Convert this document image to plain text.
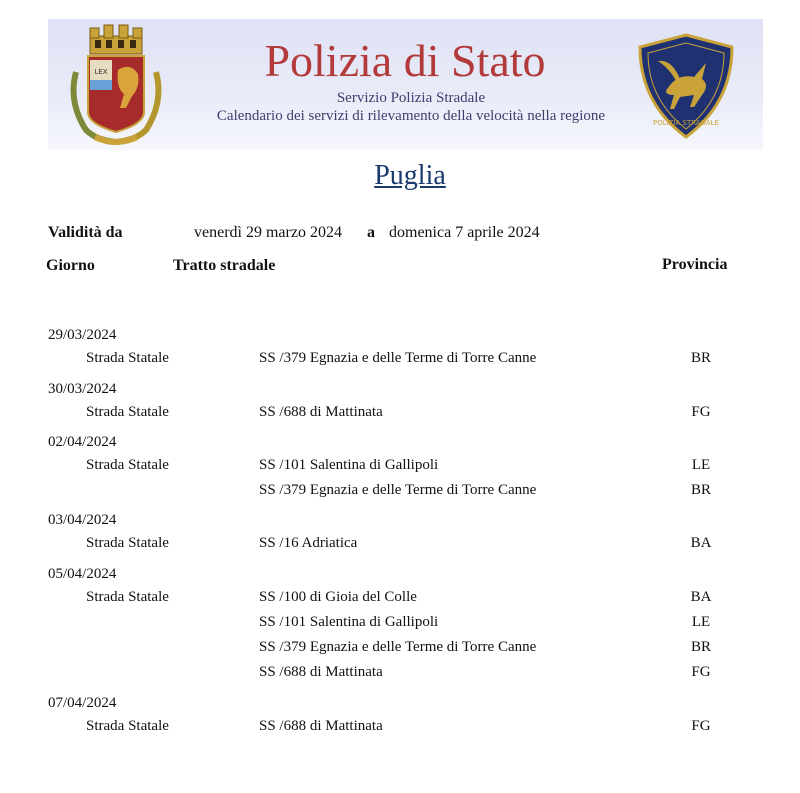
LEX
POLIZIA STRADALE
Polizia di Stato
Servizio Polizia Stradale
Calendario dei servizi di rilevamento della velocità nella regione
Puglia
Validità da	venerdì 29 marzo 2024 a domenica 7 aprile 2024
Giorno	Tratto stradale	Provincia
29/03/2024
Strada Statale	SS /379 Egnazia e delle Terme di Torre Canne	BR
30/03/2024
Strada Statale	SS /688 di Mattinata	FG
02/04/2024
Strada Statale	SS /101 Salentina di Gallipoli	LE
SS /379 Egnazia e delle Terme di Torre Canne	BR
03/04/2024
Strada Statale	SS /16 Adriatica	BA
05/04/2024
Strada Statale	SS /100 di Gioia del Colle	BA
SS /101 Salentina di Gallipoli	LE
SS /379 Egnazia e delle Terme di Torre Canne	BR
SS /688 di Mattinata	FG
07/04/2024
Strada Statale	SS /688 di Mattinata	FG
